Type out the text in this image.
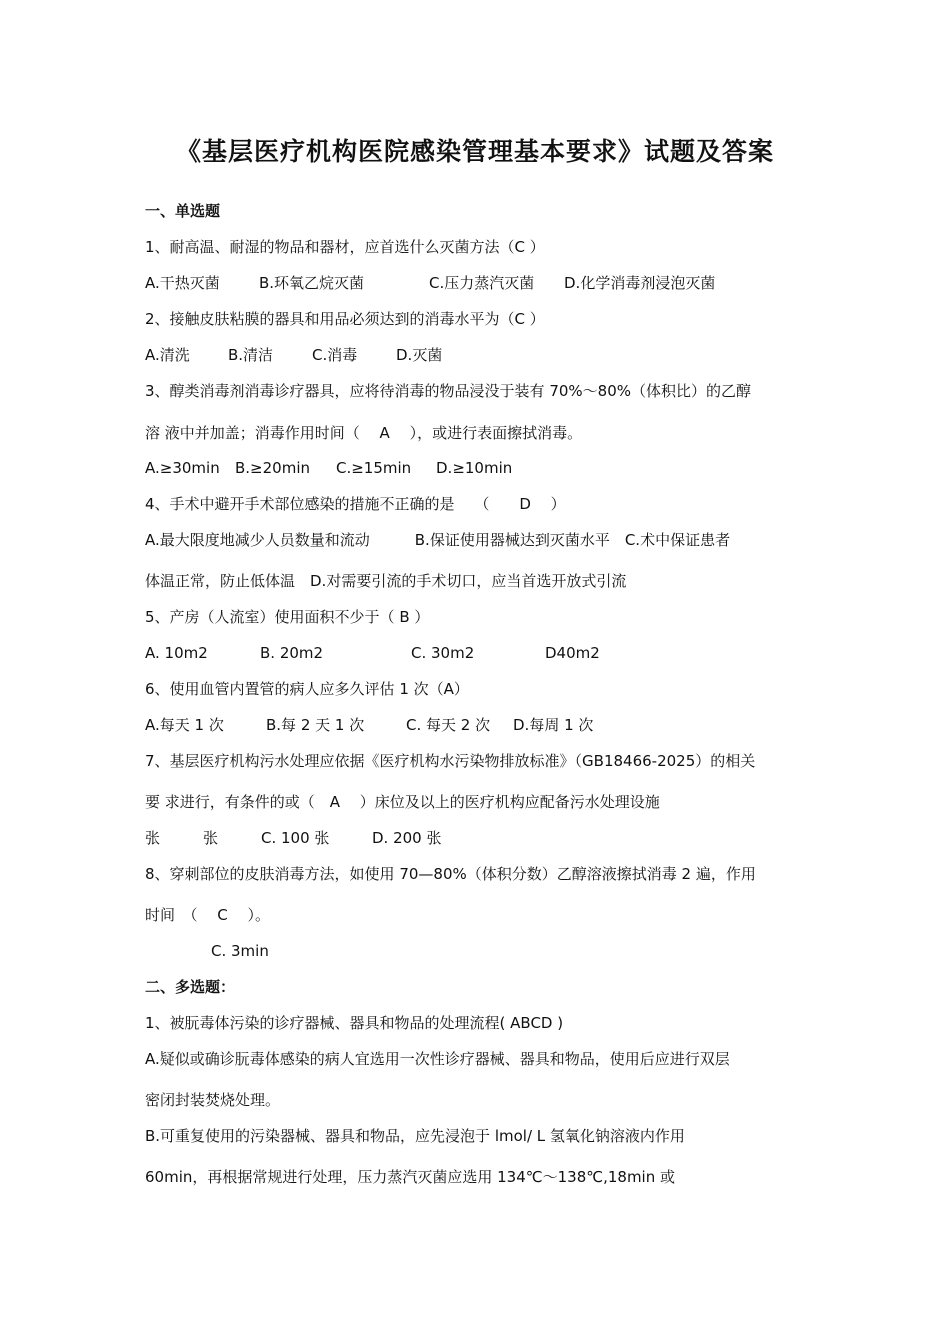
《基层医疗机构医院感染管理基本要求》试题及答案
一、单选题
1、耐高温、耐湿的物品和器材，应首选什么灭菌方法（C ）
A.干热灭菌	B.环氧乙烷灭菌	C.压力蒸汽灭菌 D.化学消毒剂浸泡灭菌
2、接触皮肤粘膜的器具和用品必须达到的消毒水平为（C ）
A.清洗	B.清洁	C.消毒	D.灭菌
3、醇类消毒剂消毒诊疗器具，应将待消毒的物品浸没于装有 70%～80%（体积比）的乙醇
溶 液中并加盖；消毒作用时间（　 A　 ），或进行表面擦拭消毒。
A.≥30min B.≥20min C.≥15min D.≥10min
4、手术中避开手术部位感染的措施不正确的是　 （　　D　 ）
A.最大限度地减少人员数量和流动　　　B.保证使用器械达到灭菌水平　C.术中保证患者
体温正常，防止低体温　D.对需要引流的手术切口，应当首选开放式引流
5、产房（人流室）使用面积不少于（ B ）
A. 10m2	B. 20m2	C. 30m2	D40m2
6、使用血管内置管的病人应多久评估 1 次（A）
A.每天 1 次	B.每 2 天 1 次	C. 每天 2 次 D.每周 1 次
7、基层医疗机构污水处理应依据《医疗机构水污染物排放标准》（GB18466-2025）的相关
要 求进行，有条件的或（　A　 ）床位及以上的医疗机构应配备污水处理设施
张	张	C. 100 张	D. 200 张
8、穿刺部位的皮肤消毒方法，如使用 70—80%（体积分数）乙醇溶液擦拭消毒 2 遍，作用
时间　（　 C　 ）。
C. 3min
二、多选题：
1、被朊毒体污染的诊疗器械、器具和物品的处理流程( ABCD )
A.疑似或确诊朊毒体感染的病人宜选用一次性诊疗器械、器具和物品，使用后应进行双层
密闭封装焚烧处理。
B.可重复使用的污染器械、器具和物品，应先浸泡于 lmol/ L 氢氧化钠溶液内作用
60min，再根据常规进行处理，压力蒸汽灭菌应选用 134℃～138℃,18min 或
